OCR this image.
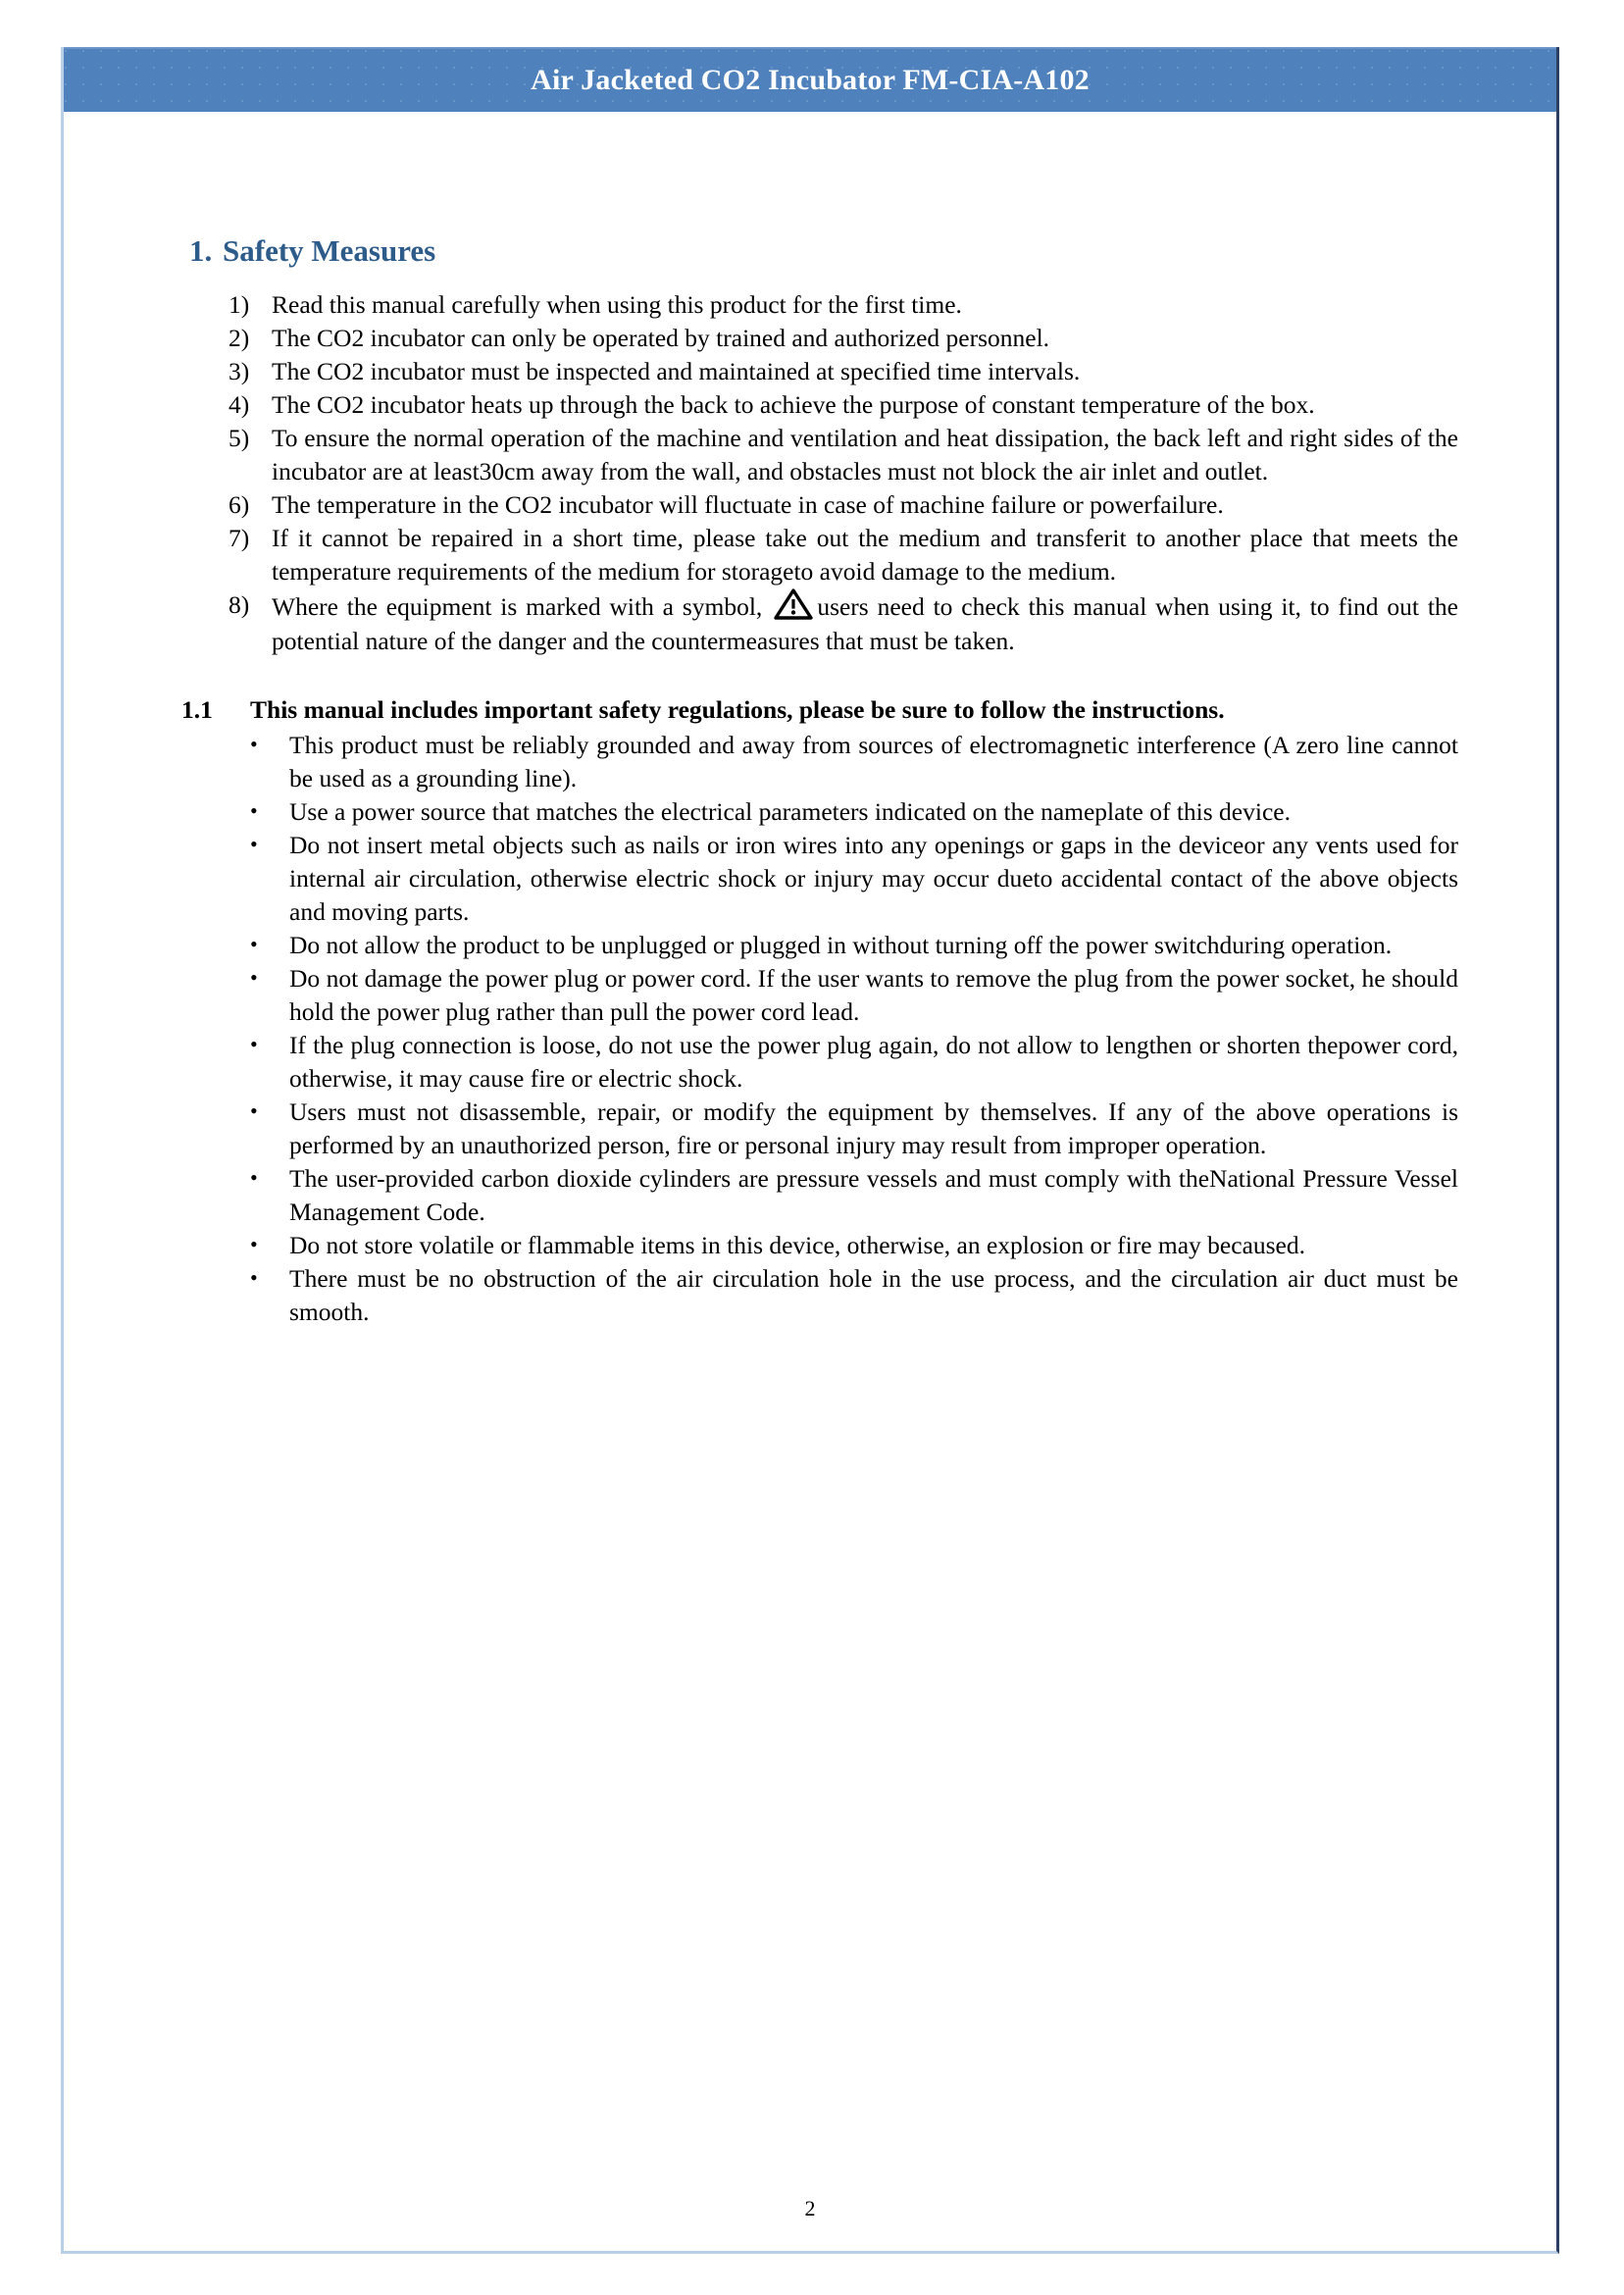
Air Jacketed CO2 Incubator FM-CIA-A102
1. Safety Measures
1) Read this manual carefully when using this product for the first time.
2) The CO2 incubator can only be operated by trained and authorized personnel.
3) The CO2 incubator must be inspected and maintained at specified time intervals.
4) The CO2 incubator heats up through the back to achieve the purpose of constant temperature of the box.
5) To ensure the normal operation of the machine and ventilation and heat dissipation, the back left and right sides of the incubator are at least30cm away from the wall, and obstacles must not block the air inlet and outlet.
6) The temperature in the CO2 incubator will fluctuate in case of machine failure or powerfailure.
7) If it cannot be repaired in a short time, please take out the medium and transferit to another place that meets the temperature requirements of the medium for storageto avoid damage to the medium.
8) Where the equipment is marked with a symbol, users need to check this manual when using it, to find out the potential nature of the danger and the countermeasures that must be taken.
1.1 This manual includes important safety regulations, please be sure to follow the instructions.
• This product must be reliably grounded and away from sources of electromagnetic interference (A zero line cannot be used as a grounding line).
• Use a power source that matches the electrical parameters indicated on the nameplate of this device.
• Do not insert metal objects such as nails or iron wires into any openings or gaps in the deviceor any vents used for internal air circulation, otherwise electric shock or injury may occur dueto accidental contact of the above objects and moving parts.
• Do not allow the product to be unplugged or plugged in without turning off the power switchduring operation.
• Do not damage the power plug or power cord. If the user wants to remove the plug from the power socket, he should hold the power plug rather than pull the power cord lead.
• If the plug connection is loose, do not use the power plug again, do not allow to lengthen or shorten thepower cord, otherwise, it may cause fire or electric shock.
• Users must not disassemble, repair, or modify the equipment by themselves. If any of the above operations is performed by an unauthorized person, fire or personal injury may result from improper operation.
• The user-provided carbon dioxide cylinders are pressure vessels and must comply with theNational Pressure Vessel Management Code.
• Do not store volatile or flammable items in this device, otherwise, an explosion or fire may becaused.
• There must be no obstruction of the air circulation hole in the use process, and the circulation air duct must be smooth.
2
